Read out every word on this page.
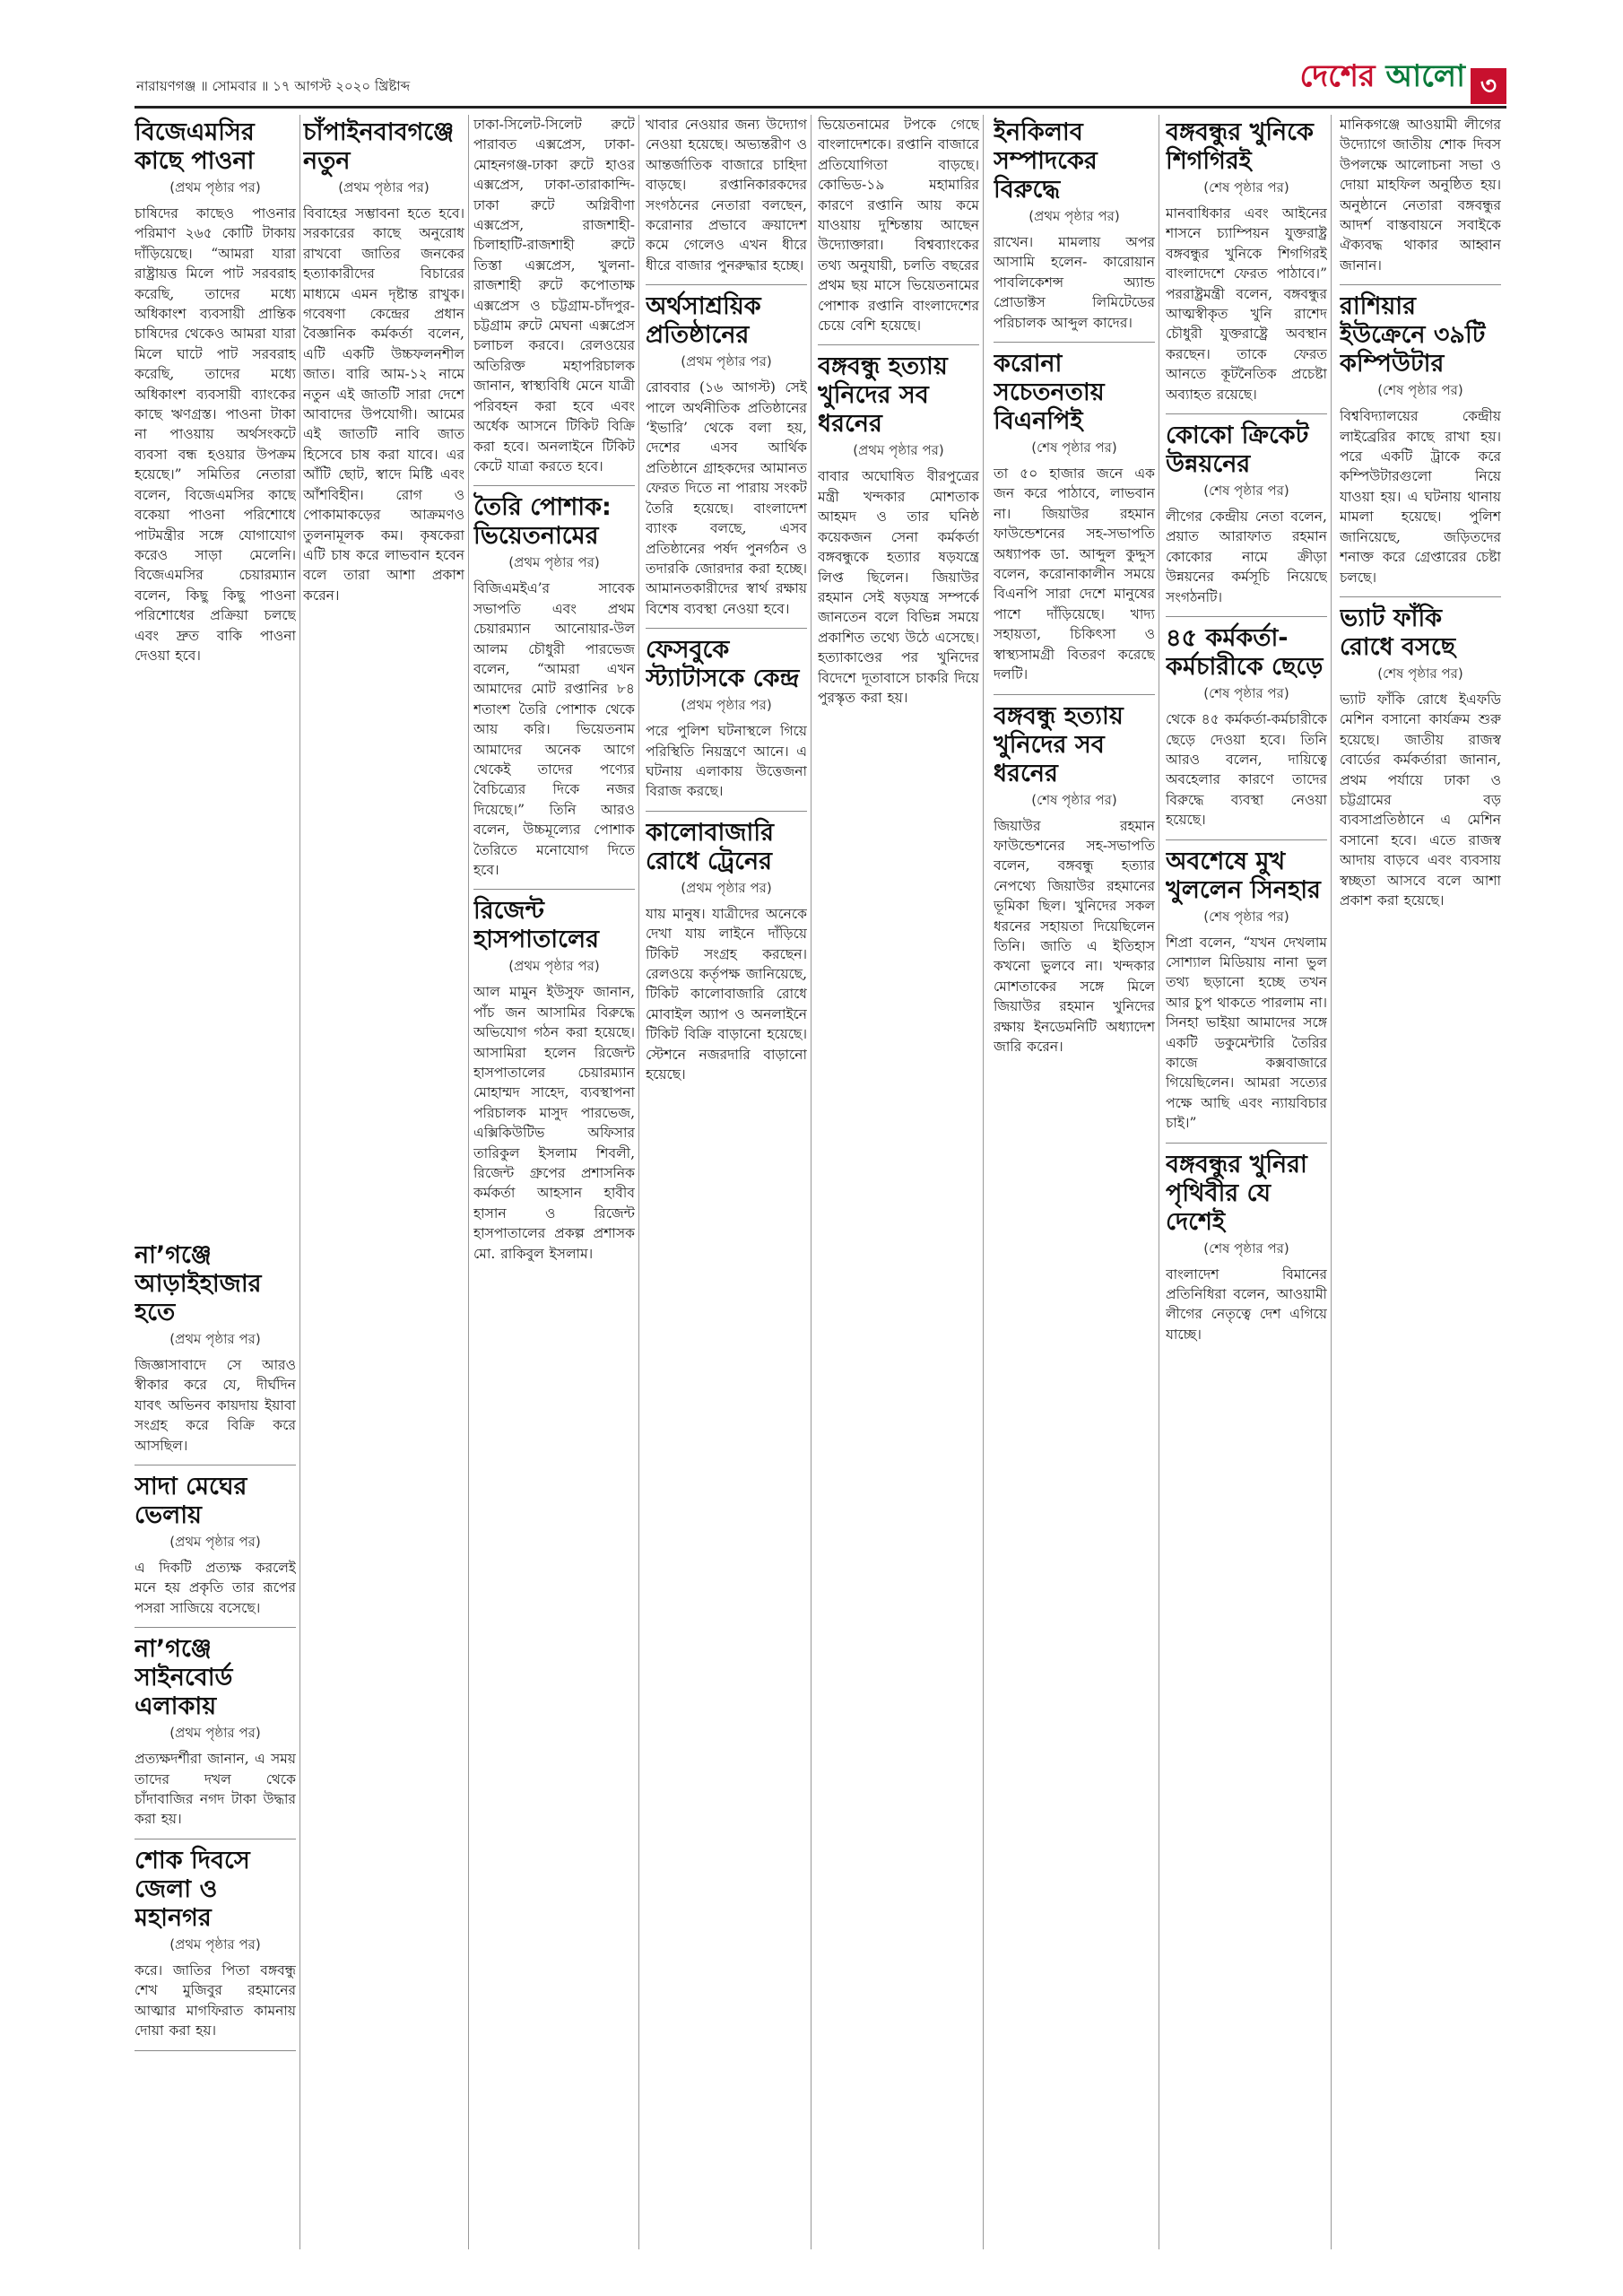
নারায়ণগঞ্জ ॥ সোমবার ॥ ১৭ আগস্ট ২০২০ খ্রিষ্টাব্দ	দেশের আলো ৩
বিজেএমসির কাছে পাওনা
(প্রথম পৃষ্ঠার পর)
চাষিদের কাছেও পাওনার পরিমাণ ২৬৫ কোটি টাকায় দাঁড়িয়েছে। “আমরা যারা রাষ্ট্রায়ত্ত মিলে পাট সরবরাহ করেছি, তাদের মধ্যে অধিকাংশ ব্যবসায়ী প্রান্তিক চাষিদের থেকেও আমরা যারা মিলে ঘাটে পাট সরবরাহ করেছি, তাদের মধ্যে অধিকাংশ ব্যবসায়ী ব্যাংকের কাছে ঋণগ্রস্ত। পাওনা টাকা না পাওয়ায় অর্থসংকটে ব্যবসা বন্ধ হওয়ার উপক্রম হয়েছে।” সমিতির নেতারা বলেন, বিজেএমসির কাছে বকেয়া পাওনা পরিশোধে পাটমন্ত্রীর সঙ্গে যোগাযোগ করেও সাড়া মেলেনি। বিজেএমসির চেয়ারম্যান বলেন, কিছু কিছু পাওনা পরিশোধের প্রক্রিয়া চলছে এবং দ্রুত বাকি পাওনা দেওয়া হবে।
চাঁপাইনবাবগঞ্জে নতুন
(প্রথম পৃষ্ঠার পর)
বিবাহের সম্ভাবনা হতে হবে। সরকারের কাছে অনুরোধ রাখবো জাতির জনকের হত্যাকারীদের বিচারের মাধ্যমে এমন দৃষ্টান্ত রাখুক। গবেষণা কেন্দ্রের প্রধান বৈজ্ঞানিক কর্মকর্তা বলেন, এটি একটি উচ্চফলনশীল জাত। বারি আম-১২ নামে নতুন এই জাতটি সারা দেশে আবাদের উপযোগী। আমের এই জাতটি নাবি জাত হিসেবে চাষ করা যাবে। এর আঁটি ছোট, স্বাদে মিষ্টি এবং আঁশবিহীন। রোগ ও পোকামাকড়ের আক্রমণও তুলনামূলক কম। কৃষকেরা এটি চাষ করে লাভবান হবেন বলে তারা আশা প্রকাশ করেন।
ঢাকা-সিলেট-সিলেট রুটে পারাবত এক্সপ্রেস, ঢাকা-মোহনগঞ্জ-ঢাকা রুটে হাওর এক্সপ্রেস, ঢাকা-তারাকান্দি-ঢাকা রুটে অগ্নিবীণা এক্সপ্রেস, রাজশাহী-চিলাহাটি-রাজশাহী রুটে তিস্তা এক্সপ্রেস, খুলনা-রাজশাহী রুটে কপোতাক্ষ এক্সপ্রেস ও চট্টগ্রাম-চাঁদপুর-চট্টগ্রাম রুটে মেঘনা এক্সপ্রেস চলাচল করবে। রেলওয়ের অতিরিক্ত মহাপরিচালক জানান, স্বাস্থ্যবিধি মেনে যাত্রী পরিবহন করা হবে এবং অর্ধেক আসনে টিকিট বিক্রি করা হবে। অনলাইনে টিকিট কেটে যাত্রা করতে হবে।
তৈরি পোশাক: ভিয়েতনামের
(প্রথম পৃষ্ঠার পর)
বিজিএমইএ’র সাবেক সভাপতি এবং প্রথম চেয়ারম্যান আনোয়ার-উল আলম চৌধুরী পারভেজ বলেন, “আমরা এখন আমাদের মোট রপ্তানির ৮৪ শতাংশ তৈরি পোশাক থেকে আয় করি। ভিয়েতনাম আমাদের অনেক আগে থেকেই তাদের পণ্যের বৈচিত্র্যের দিকে নজর দিয়েছে।” তিনি আরও বলেন, উচ্চমূল্যের পোশাক তৈরিতে মনোযোগ দিতে হবে।
রিজেন্ট হাসপাতালের
(প্রথম পৃষ্ঠার পর)
আল মামুন ইউসুফ জানান, পাঁচ জন আসামির বিরুদ্ধে অভিযোগ গঠন করা হয়েছে। আসামিরা হলেন রিজেন্ট হাসপাতালের চেয়ারম্যান মোহাম্মদ সাহেদ, ব্যবস্থাপনা পরিচালক মাসুদ পারভেজ, এক্সিকিউটিভ অফিসার তারিকুল ইসলাম শিবলী, রিজেন্ট গ্রুপের প্রশাসনিক কর্মকর্তা আহসান হাবীব হাসান ও রিজেন্ট হাসপাতালের প্রকল্প প্রশাসক মো. রাকিবুল ইসলাম।
খাবার নেওয়ার জন্য উদ্যোগ নেওয়া হয়েছে। অভ্যন্তরীণ ও আন্তর্জাতিক বাজারে চাহিদা বাড়ছে। রপ্তানিকারকদের সংগঠনের নেতারা বলছেন, করোনার প্রভাবে ক্রয়াদেশ কমে গেলেও এখন ধীরে ধীরে বাজার পুনরুদ্ধার হচ্ছে।
অর্থসাশ্রয়িক প্রতিষ্ঠানের
(প্রথম পৃষ্ঠার পর)
রোববার (১৬ আগস্ট) সেই পালে অর্থনীতিক প্রতিষ্ঠানের ‘ইভারি’ থেকে বলা হয়, দেশের এসব আর্থিক প্রতিষ্ঠানে গ্রাহকদের আমানত ফেরত দিতে না পারায় সংকট তৈরি হয়েছে। বাংলাদেশ ব্যাংক বলছে, এসব প্রতিষ্ঠানের পর্ষদ পুনর্গঠন ও তদারকি জোরদার করা হচ্ছে। আমানতকারীদের স্বার্থ রক্ষায় বিশেষ ব্যবস্থা নেওয়া হবে।
ফেসবুকে স্ট্যাটাসকে কেন্দ্র
(প্রথম পৃষ্ঠার পর)
পরে পুলিশ ঘটনাস্থলে গিয়ে পরিস্থিতি নিয়ন্ত্রণে আনে। এ ঘটনায় এলাকায় উত্তেজনা বিরাজ করছে।
কালোবাজারি রোধে ট্রেনের
(প্রথম পৃষ্ঠার পর)
যায় মানুষ। যাত্রীদের অনেকে দেখা যায় লাইনে দাঁড়িয়ে টিকিট সংগ্রহ করছেন। রেলওয়ে কর্তৃপক্ষ জানিয়েছে, টিকিট কালোবাজারি রোধে মোবাইল অ্যাপ ও অনলাইনে টিকিট বিক্রি বাড়ানো হয়েছে। স্টেশনে নজরদারি বাড়ানো হয়েছে।
ভিয়েতনামের টপকে গেছে বাংলাদেশকে। রপ্তানি বাজারে প্রতিযোগিতা বাড়ছে। কোভিড-১৯ মহামারির কারণে রপ্তানি আয় কমে যাওয়ায় দুশ্চিন্তায় আছেন উদ্যোক্তারা। বিশ্বব্যাংকের তথ্য অনুযায়ী, চলতি বছরের প্রথম ছয় মাসে ভিয়েতনামের পোশাক রপ্তানি বাংলাদেশের চেয়ে বেশি হয়েছে।
বঙ্গবন্ধু হত্যায় খুনিদের সব ধরনের
(প্রথম পৃষ্ঠার পর)
বাবার অঘোষিত বীরপুত্রের মন্ত্রী খন্দকার মোশতাক আহমদ ও তার ঘনিষ্ঠ কয়েকজন সেনা কর্মকর্তা বঙ্গবন্ধুকে হত্যার ষড়যন্ত্রে লিপ্ত ছিলেন। জিয়াউর রহমান সেই ষড়যন্ত্র সম্পর্কে জানতেন বলে বিভিন্ন সময়ে প্রকাশিত তথ্যে উঠে এসেছে। হত্যাকাণ্ডের পর খুনিদের বিদেশে দূতাবাসে চাকরি দিয়ে পুরস্কৃত করা হয়।
ইনকিলাব সম্পাদকের বিরুদ্ধে
(প্রথম পৃষ্ঠার পর)
রাখেন। মামলায় অপর আসামি হলেন- কারোয়ান পাবলিকেশন্স অ্যান্ড প্রোডাক্টস লিমিটেডের পরিচালক আব্দুল কাদের।
করোনা সচেতনতায় বিএনপিই
(শেষ পৃষ্ঠার পর)
তা ৫০ হাজার জনে এক জন করে পাঠাবে, লাভবান না। জিয়াউর রহমান ফাউন্ডেশনের সহ-সভাপতি অধ্যাপক ডা. আব্দুল কুদ্দুস বলেন, করোনাকালীন সময়ে বিএনপি সারা দেশে মানুষের পাশে দাঁড়িয়েছে। খাদ্য সহায়তা, চিকিৎসা ও স্বাস্থ্যসামগ্রী বিতরণ করেছে দলটি।
বঙ্গবন্ধু হত্যায় খুনিদের সব ধরনের
(শেষ পৃষ্ঠার পর)
জিয়াউর রহমান ফাউন্ডেশনের সহ-সভাপতি বলেন, বঙ্গবন্ধু হত্যার নেপথ্যে জিয়াউর রহমানের ভূমিকা ছিল। খুনিদের সকল ধরনের সহায়তা দিয়েছিলেন তিনি। জাতি এ ইতিহাস কখনো ভুলবে না। খন্দকার মোশতাকের সঙ্গে মিলে জিয়াউর রহমান খুনিদের রক্ষায় ইনডেমনিটি অধ্যাদেশ জারি করেন।
বঙ্গবন্ধুর খুনিকে শিগগিরই
(শেষ পৃষ্ঠার পর)
মানবাধিকার এবং আইনের শাসনে চ্যাম্পিয়ন যুক্তরাষ্ট্র বঙ্গবন্ধুর খুনিকে শিগগিরই বাংলাদেশে ফেরত পাঠাবে।” পররাষ্ট্রমন্ত্রী বলেন, বঙ্গবন্ধুর আত্মস্বীকৃত খুনি রাশেদ চৌধুরী যুক্তরাষ্ট্রে অবস্থান করছেন। তাকে ফেরত আনতে কূটনৈতিক প্রচেষ্টা অব্যাহত রয়েছে।
কোকো ক্রিকেট উন্নয়নের
(শেষ পৃষ্ঠার পর)
লীগের কেন্দ্রীয় নেতা বলেন, প্রয়াত আরাফাত রহমান কোকোর নামে ক্রীড়া উন্নয়নের কর্মসূচি নিয়েছে সংগঠনটি।
৪৫ কর্মকর্তা-কর্মচারীকে ছেড়ে
(শেষ পৃষ্ঠার পর)
থেকে ৪৫ কর্মকর্তা-কর্মচারীকে ছেড়ে দেওয়া হবে। তিনি আরও বলেন, দায়িত্বে অবহেলার কারণে তাদের বিরুদ্ধে ব্যবস্থা নেওয়া হয়েছে।
অবশেষে মুখ খুললেন সিনহার
(শেষ পৃষ্ঠার পর)
শিপ্রা বলেন, “যখন দেখলাম সোশ্যাল মিডিয়ায় নানা ভুল তথ্য ছড়ানো হচ্ছে তখন আর চুপ থাকতে পারলাম না। সিনহা ভাইয়া আমাদের সঙ্গে একটি ডকুমেন্টারি তৈরির কাজে কক্সবাজারে গিয়েছিলেন। আমরা সত্যের পক্ষে আছি এবং ন্যায়বিচার চাই।”
বঙ্গবন্ধুর খুনিরা পৃথিবীর যে দেশেই
(শেষ পৃষ্ঠার পর)
বাংলাদেশ বিমানের প্রতিনিধিরা বলেন, আওয়ামী লীগের নেতৃত্বে দেশ এগিয়ে যাচ্ছে।
মানিকগঞ্জে আওয়ামী লীগের উদ্যোগে জাতীয় শোক দিবস উপলক্ষে আলোচনা সভা ও দোয়া মাহফিল অনুষ্ঠিত হয়। অনুষ্ঠানে নেতারা বঙ্গবন্ধুর আদর্শ বাস্তবায়নে সবাইকে ঐক্যবদ্ধ থাকার আহ্বান জানান।
রাশিয়ার ইউক্রেনে ৩৯টি কম্পিউটার
(শেষ পৃষ্ঠার পর)
বিশ্ববিদ্যালয়ের কেন্দ্রীয় লাইব্রেরির কাছে রাখা হয়। পরে একটি ট্রাকে করে কম্পিউটারগুলো নিয়ে যাওয়া হয়। এ ঘটনায় থানায় মামলা হয়েছে। পুলিশ জানিয়েছে, জড়িতদের শনাক্ত করে গ্রেপ্তারের চেষ্টা চলছে।
ভ্যাট ফাঁকি রোধে বসছে
(শেষ পৃষ্ঠার পর)
ভ্যাট ফাঁকি রোধে ইএফডি মেশিন বসানো কার্যক্রম শুরু হয়েছে। জাতীয় রাজস্ব বোর্ডের কর্মকর্তারা জানান, প্রথম পর্যায়ে ঢাকা ও চট্টগ্রামের বড় ব্যবসাপ্রতিষ্ঠানে এ মেশিন বসানো হবে। এতে রাজস্ব আদায় বাড়বে এবং ব্যবসায় স্বচ্ছতা আসবে বলে আশা প্রকাশ করা হয়েছে।
না’গঞ্জে আড়াইহাজার হতে
(প্রথম পৃষ্ঠার পর)
জিজ্ঞাসাবাদে সে আরও স্বীকার করে যে, দীর্ঘদিন যাবৎ অভিনব কায়দায় ইয়াবা সংগ্রহ করে বিক্রি করে আসছিল।
সাদা মেঘের ভেলায়
(প্রথম পৃষ্ঠার পর)
এ দিকটি প্রত্যক্ষ করলেই মনে হয় প্রকৃতি তার রূপের পসরা সাজিয়ে বসেছে।
না’গঞ্জে সাইনবোর্ড এলাকায়
(প্রথম পৃষ্ঠার পর)
প্রত্যক্ষদর্শীরা জানান, এ সময় তাদের দখল থেকে চাঁদাবাজির নগদ টাকা উদ্ধার করা হয়।
শোক দিবসে জেলা ও মহানগর
(প্রথম পৃষ্ঠার পর)
করে। জাতির পিতা বঙ্গবন্ধু শেখ মুজিবুর রহমানের আত্মার মাগফিরাত কামনায় দোয়া করা হয়।
